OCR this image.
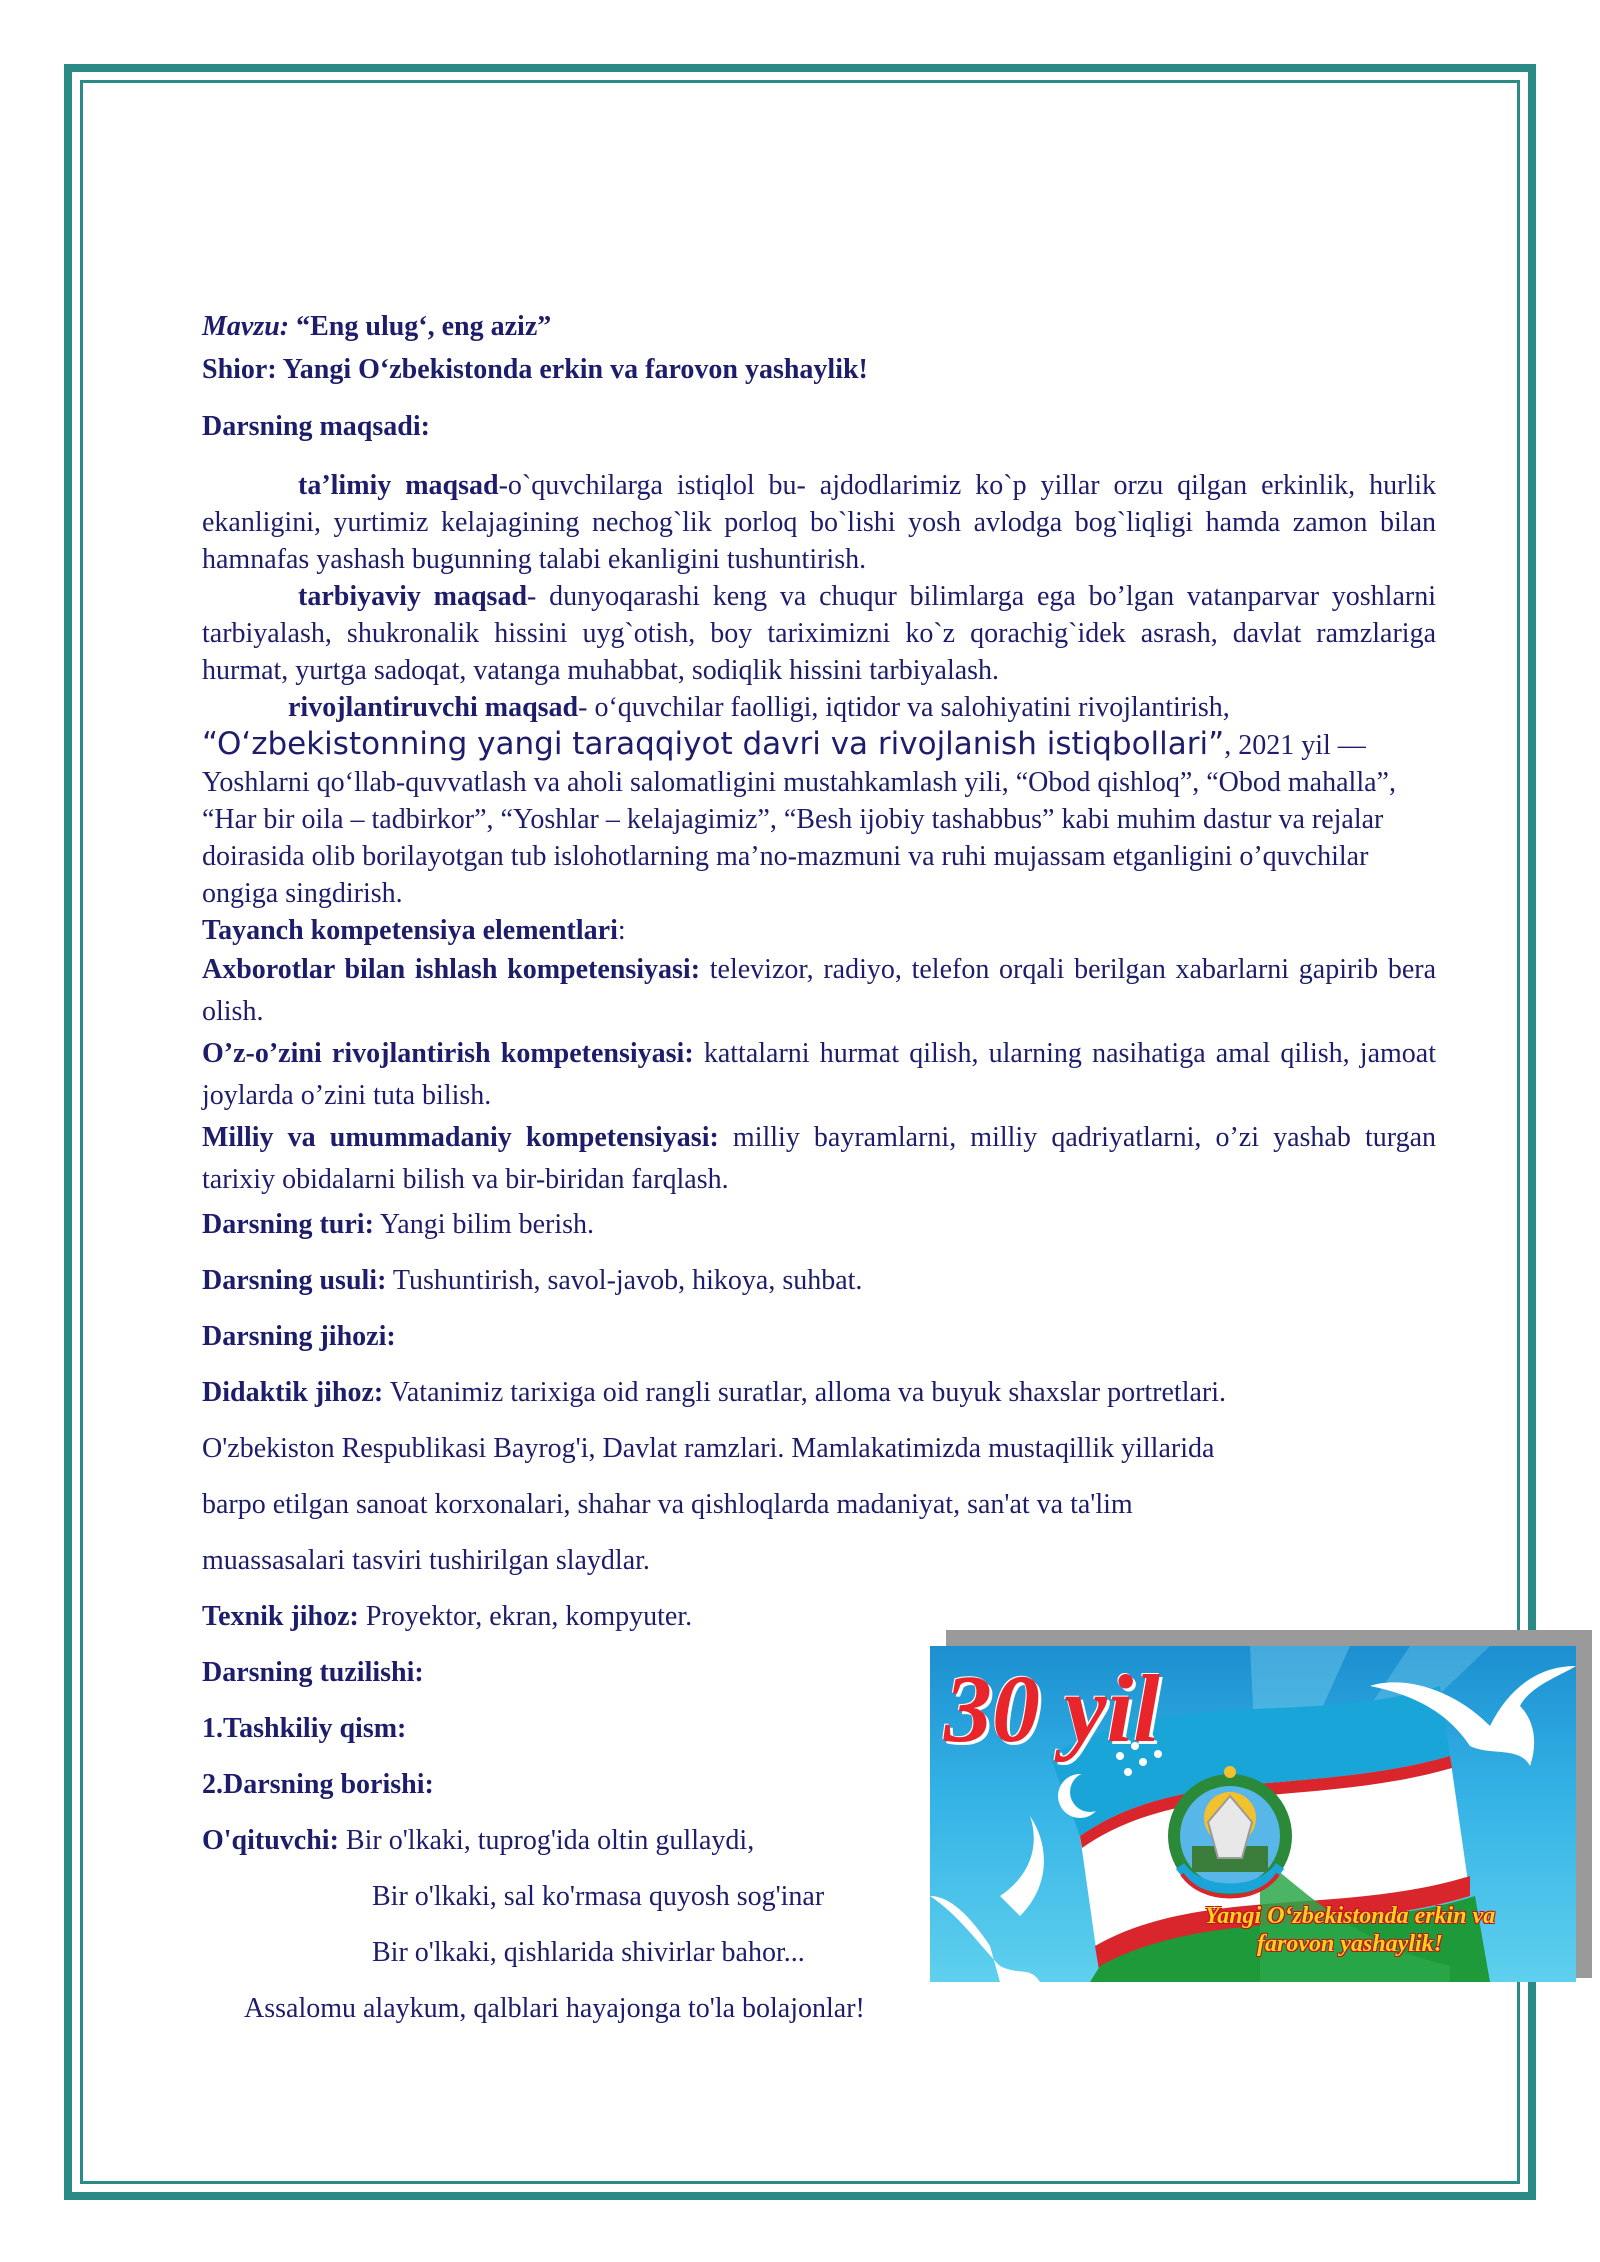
Mavzu: “Eng ulug‘, eng aziz”

Shior: Yangi O‘zbekistonda erkin va farovon yashaylik!

Darsning maqsadi:

ta’limiy maqsad-o`quvchilarga istiqlol bu- ajdodlarimiz ko`p yillar orzu qilgan erkinlik, hurlik ekanligini, yurtimiz kelajagining nechog`lik porloq bo`lishi yosh avlodga bog`liqligi hamda zamon bilan hamnafas yashash bugunning talabi ekanligini tushuntirish.

tarbiyaviy maqsad- dunyoqarashi keng va chuqur bilimlarga ega bo’lgan vatanparvar yoshlarni tarbiyalash, shukronalik hissini uyg`otish, boy tariximizni ko`z qorachig`idek asrash, davlat ramzlariga hurmat, yurtga sadoqat, vatanga muhabbat, sodiqlik hissini tarbiyalash.

rivojlantiruvchi maqsad- o‘quvchilar faolligi, iqtidor va salohiyatini rivojlantirish, “O‘zbekistonning yangi taraqqiyot davri va rivojlanish istiqbollari”, 2021 yil — Yoshlarni qo‘llab-quvvatlash va aholi salomatligini mustahkamlash yili, “Obod qishloq”, “Obod mahalla”, “Har bir oila – tadbirkor”, “Yoshlar – kelajagimiz”, “Besh ijobiy tashabbus” kabi muhim dastur va rejalar doirasida olib borilayotgan tub islohotlarning ma’no-mazmuni va ruhi mujassam etganligini o’quvchilar ongiga singdirish.

Tayanch kompetensiya elementlari:

Axborotlar bilan ishlash kompetensiyasi: televizor, radiyo, telefon orqali berilgan xabarlarni gapirib bera olish.

O’z-o’zini rivojlantirish kompetensiyasi: kattalarni hurmat qilish, ularning nasihatiga amal qilish, jamoat joylarda o’zini tuta bilish.

Milliy va umummadaniy kompetensiyasi: milliy bayramlarni, milliy qadriyatlarni, o’zi yashab turgan tarixiy obidalarni bilish va bir-biridan farqlash.

Darsning turi: Yangi bilim berish.

Darsning usuli: Tushuntirish, savol-javob, hikoya, suhbat.

Darsning jihozi:

Didaktik jihoz: Vatanimiz tarixiga oid rangli suratlar, alloma va buyuk shaxslar portretlari.

O'zbekiston Respublikasi Bayrog'i, Davlat ramzlari. Mamlakatimizda mustaqillik yillarida

barpo etilgan sanoat korxonalari, shahar va qishloqlarda madaniyat, san'at va ta'lim

muassasalari tasviri tushirilgan slaydlar.

Texnik jihoz: Proyektor, ekran, kompyuter.

Darsning tuzilishi:

1.Tashkiliy qism:

2.Darsning borishi:

O'qituvchi: Bir o'lkaki, tuprog'ida oltin gullaydi,

Bir o'lkaki, sal ko'rmasa quyosh sog'inar

Bir o'lkaki, qishlarida shivirlar bahor...

Assalomu alaykum, qalblari hayajonga to'la bolajonlar!

30 yil
Yangi O‘zbekistonda erkin va
farovon yashaylik!
